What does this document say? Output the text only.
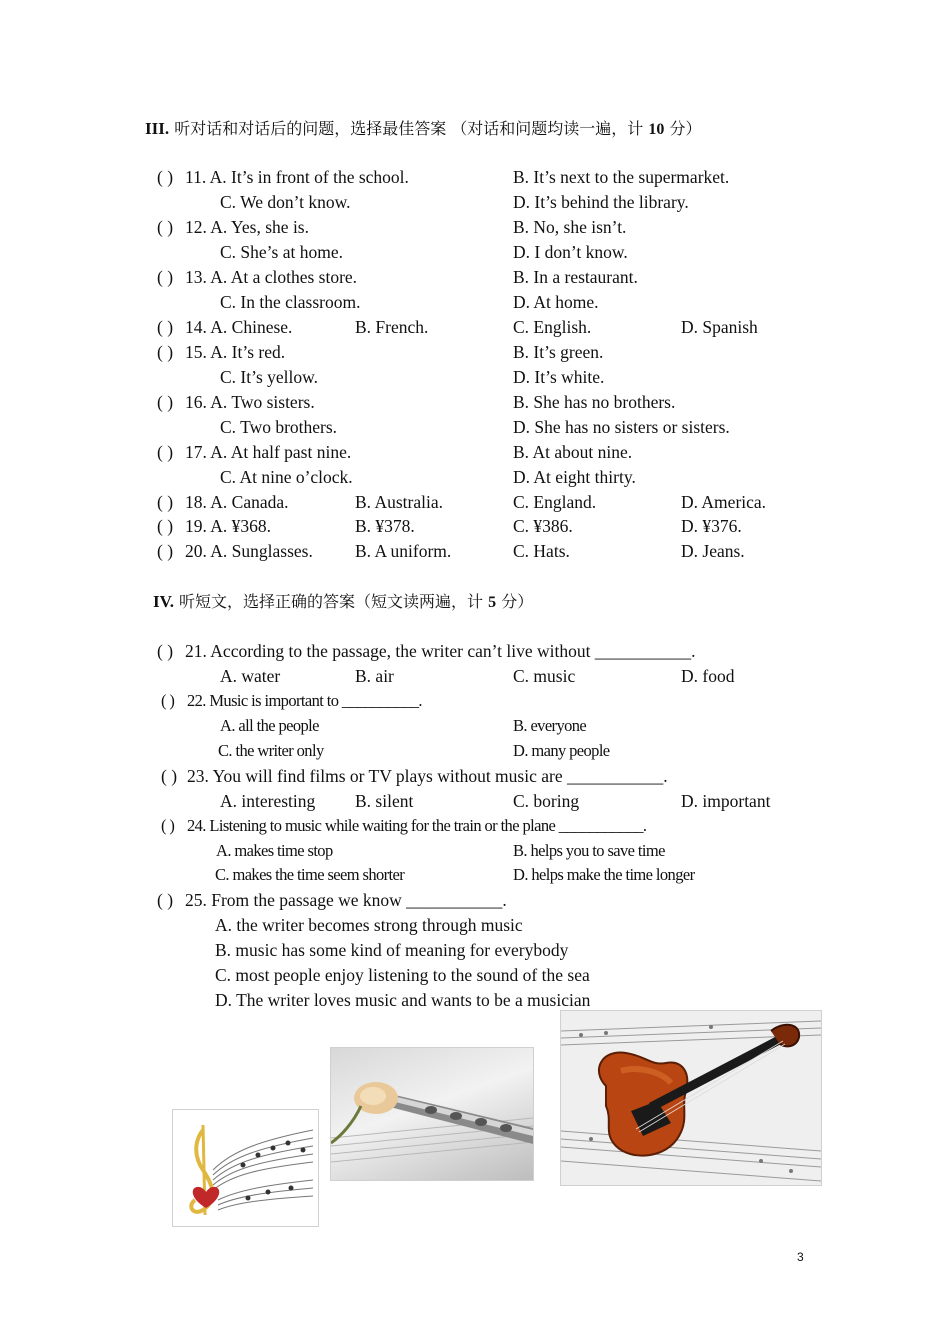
III. 听对话和对话后的问题，选择最佳答案 （对话和问题均读一遍，计 10 分）
( ) 11. A. It’s in front of the school.	B. It’s next to the supermarket.
C. We don’t know.	D. It’s behind the library.
( ) 12. A. Yes, she is.	B. No, she isn’t.
C. She’s at home.	D. I don’t know.
( ) 13. A. At a clothes store.	B. In a restaurant.
C. In the classroom.	D. At home.
( ) 14. A. Chinese.	B. French.	C. English.	D. Spanish
( ) 15. A. It’s red.	B. It’s green.
C. It’s yellow.	D. It’s white.
( ) 16. A. Two sisters.	B. She has no brothers.
C. Two brothers.	D. She has no sisters or sisters.
( ) 17. A. At half past nine.	B. At about nine.
C. At nine o’clock.	D. At eight thirty.
( ) 18. A. Canada.	B. Australia.	C. England.	D. America.
( ) 19. A. ¥368.	B. ¥378.	C. ¥386.	D. ¥376.
( ) 20. A. Sunglasses. B. A uniform.	C. Hats.	D. Jeans.
IV. 听短文，选择正确的答案（短文读两遍，计 5 分）
( ) 21. According to the passage, the writer can’t live without ___________.
A. water	B. air	C. music	D. food
( ) 22. Music is important to __________.
A. all the people	B. everyone
C. the writer only	D. many people
( ) 23. You will find films or TV plays without music are ___________.
A. interesting B. silent	C. boring	D. important
( ) 24. Listening to music while waiting for the train or the plane ___________.
A. makes time stop	B. helps you to save time
C. makes the time seem shorter	D. helps make the time longer
( ) 25. From the passage we know ___________.
A. the writer becomes strong through music
B. music has some kind of meaning for everybody
C. most people enjoy listening to the sound of the sea
D. The writer loves music and wants to be a musician
3
